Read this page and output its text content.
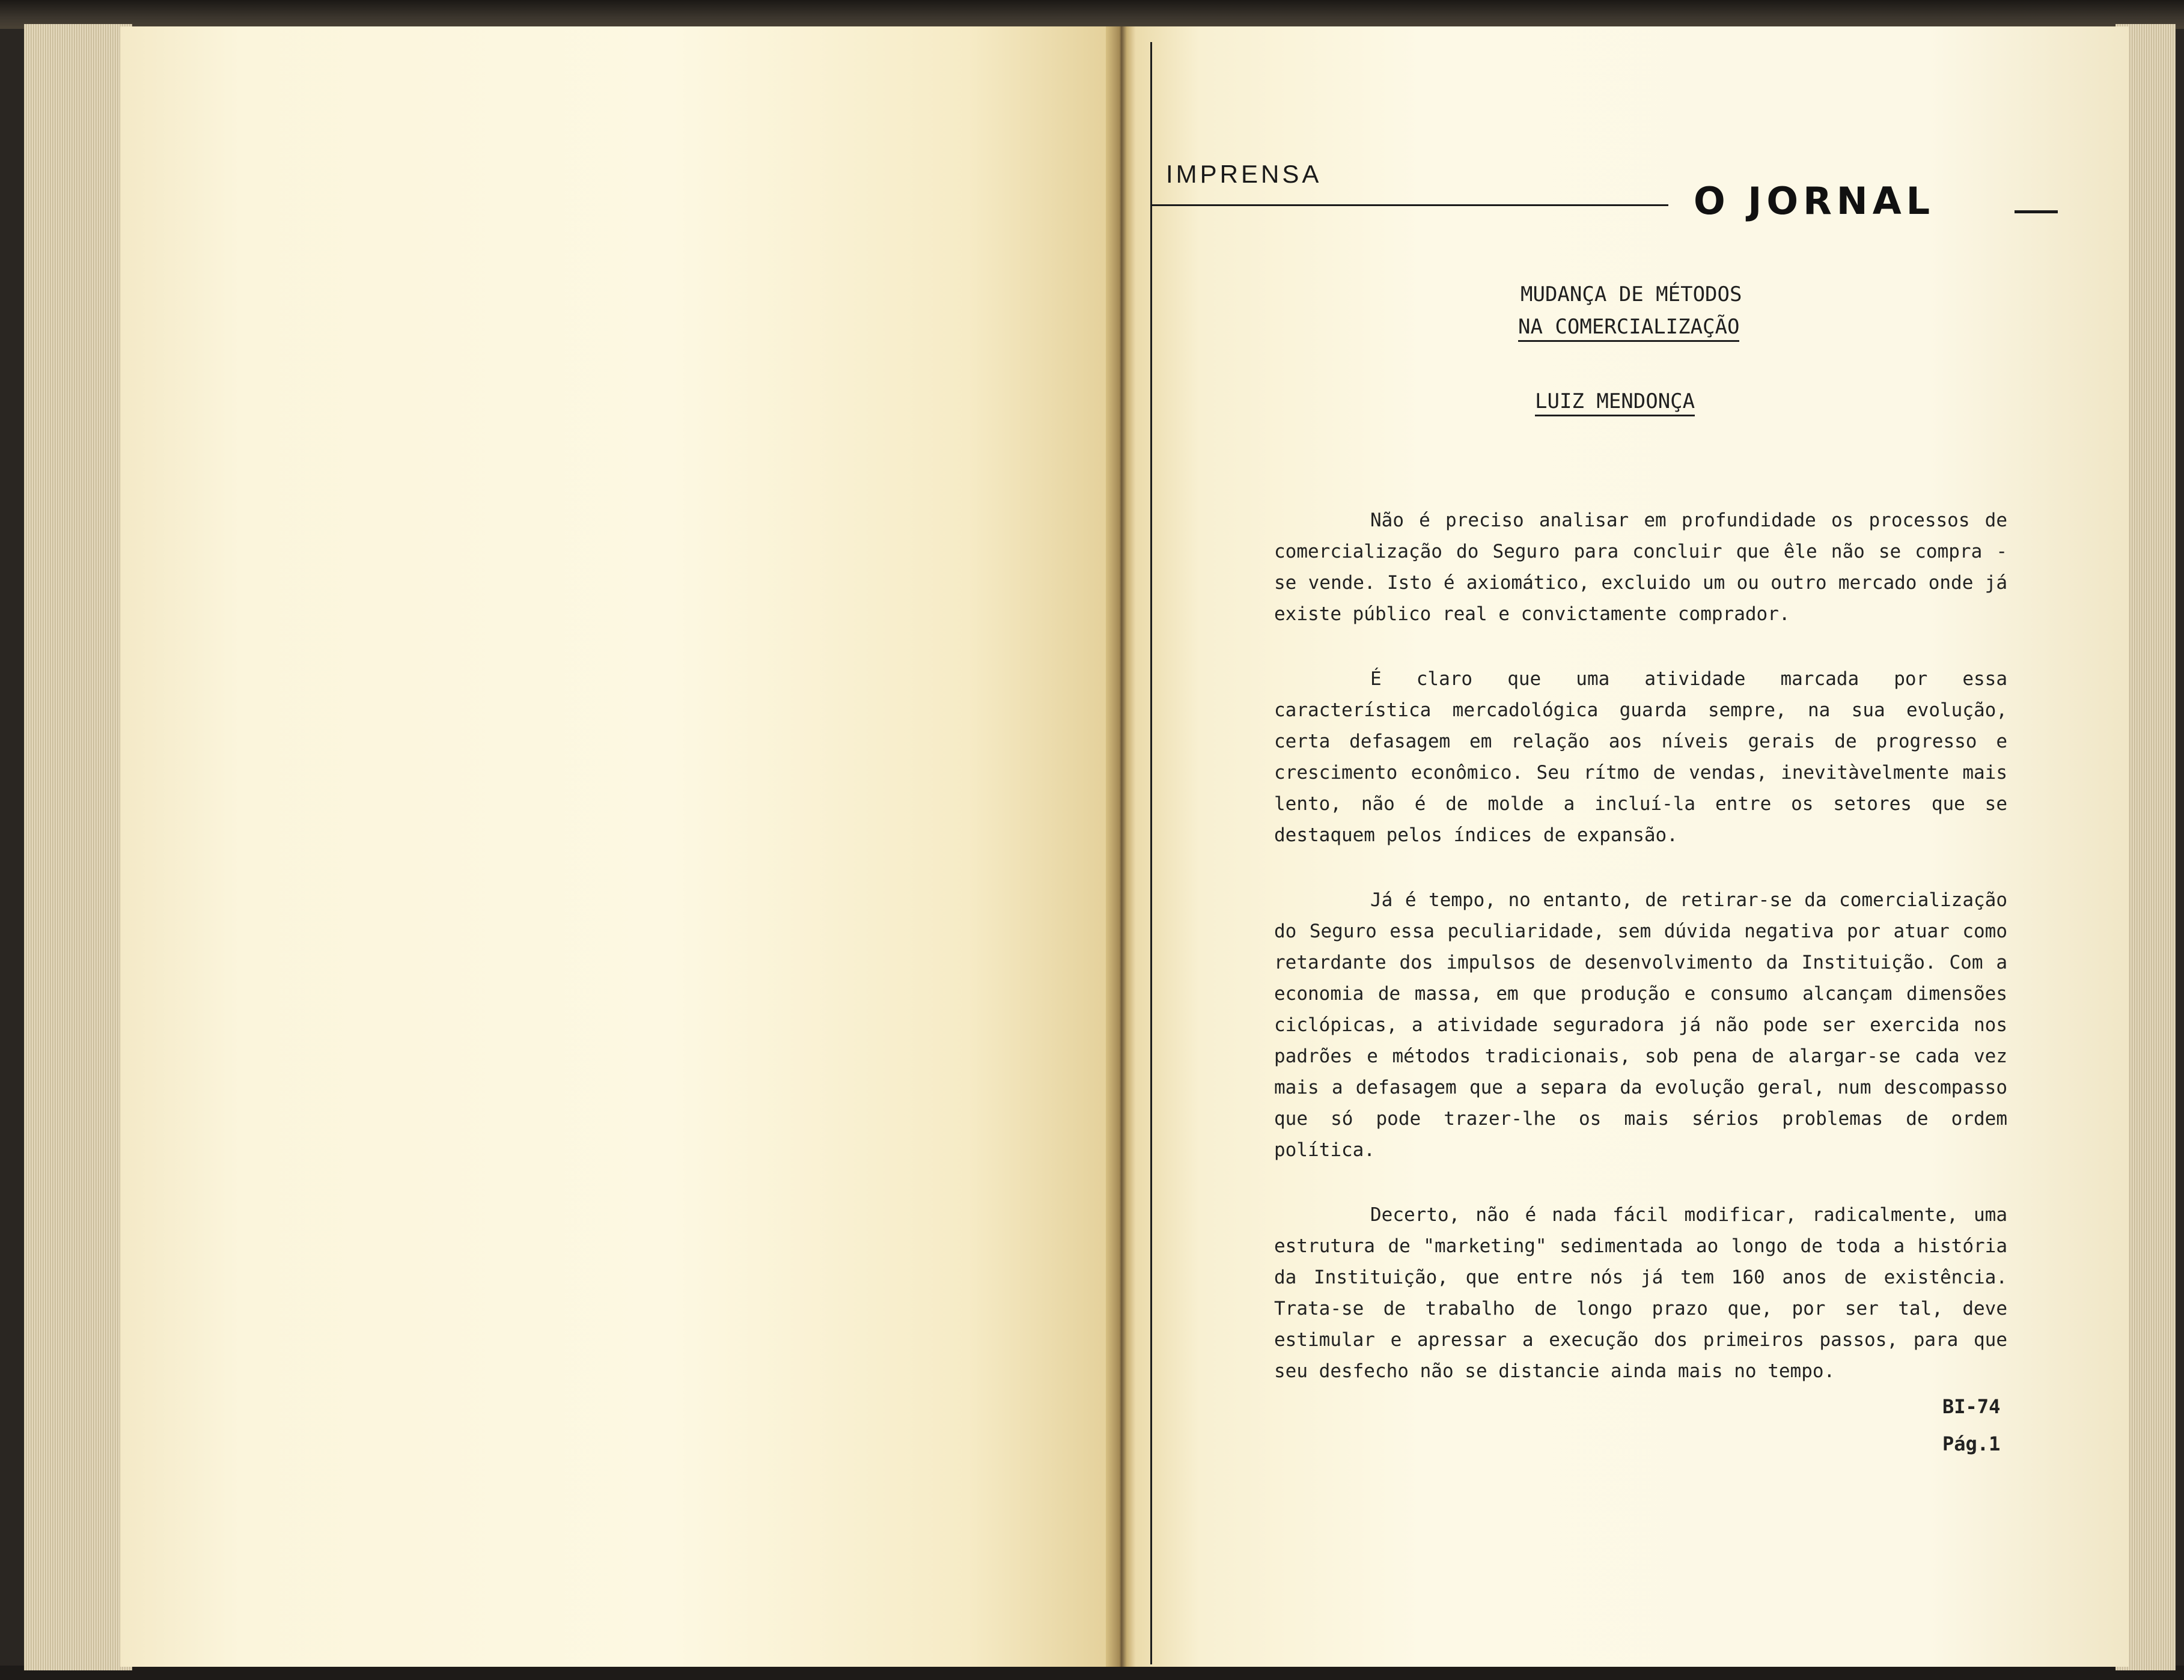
IMPRENSA
O JORNAL
MUDANÇA DE MÉTODOS
NA COMERCIALIZAÇÃO
LUIZ MENDONÇA

Não é preciso analisar em profundidade os processos de comercialização do Seguro para concluir que êle não se compra - se vende. Isto é axiomático, excluido um ou outro mercado onde já existe público real e convictamente comprador.

É claro que uma atividade marcada por essa característica mercadológica guarda sempre, na sua evolução, certa defasagem em relação aos níveis gerais de progresso e crescimento econômico. Seu rítmo de vendas, inevitàvelmente mais lento, não é de molde a incluí-la entre os setores que se destaquem pelos índices de expansão.

Já é tempo, no entanto, de retirar-se da comercialização do Seguro essa peculiaridade, sem dúvida negativa por atuar como retardante dos impulsos de desenvolvimento da Instituição. Com a economia de massa, em que produção e consumo alcançam dimensões ciclópicas, a atividade seguradora já não pode ser exercida nos padrões e métodos tradicionais, sob pena de alargar-se cada vez mais a defasagem que a separa da evolução geral, num descompasso que só pode trazer-lhe os mais sérios problemas de ordem política.

Decerto, não é nada fácil modificar, radicalmente, uma estrutura de "marketing" sedimentada ao longo de toda a história da Instituição, que entre nós já tem 160 anos de existência. Trata-se de trabalho de longo prazo que, por ser tal, deve estimular e apressar a execução dos primeiros passos, para que seu desfecho não se distancie ainda mais no tempo.

BI-74
Pág.1
